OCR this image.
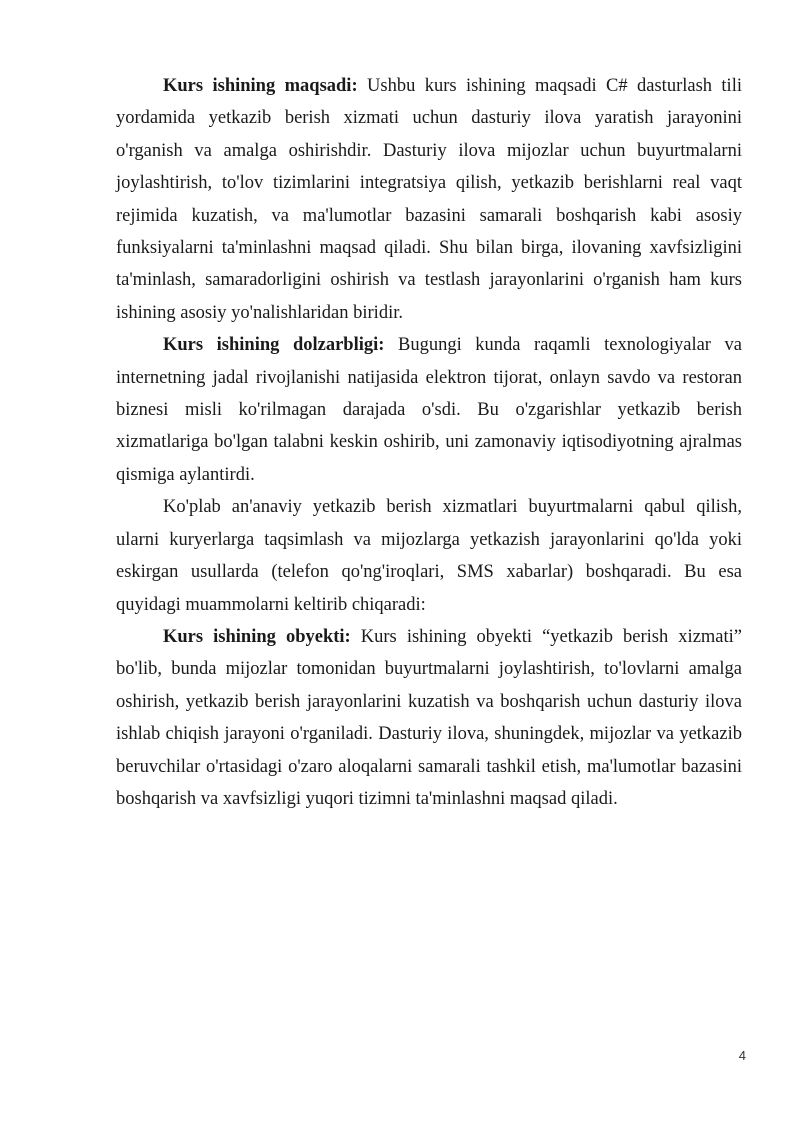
Kurs ishining maqsadi: Ushbu kurs ishining maqsadi C# dasturlash tili yordamida yetkazib berish xizmati uchun dasturiy ilova yaratish jarayonini o'rganish va amalga oshirishdir. Dasturiy ilova mijozlar uchun buyurtmalarni joylashtirish, to'lov tizimlarini integratsiya qilish, yetkazib berishlarni real vaqt rejimida kuzatish, va ma'lumotlar bazasini samarali boshqarish kabi asosiy funksiyalarni ta'minlashni maqsad qiladi. Shu bilan birga, ilovaning xavfsizligini ta'minlash, samaradorligini oshirish va testlash jarayonlarini o'rganish ham kurs ishining asosiy yo'nalishlaridan biridir.

Kurs ishining dolzarbligi: Bugungi kunda raqamli texnologiyalar va internetning jadal rivojlanishi natijasida elektron tijorat, onlayn savdo va restoran biznesi misli ko'rilmagan darajada o'sdi. Bu o'zgarishlar yetkazib berish xizmatlariga bo'lgan talabni keskin oshirib, uni zamonaviy iqtisodiyotning ajralmas qismiga aylantirdi.

Ko'plab an'anaviy yetkazib berish xizmatlari buyurtmalarni qabul qilish, ularni kuryerlarga taqsimlash va mijozlarga yetkazish jarayonlarini qo'lda yoki eskirgan usullarda (telefon qo'ng'iroqlari, SMS xabarlar) boshqaradi. Bu esa quyidagi muammolarni keltirib chiqaradi:

Kurs ishining obyekti: Kurs ishining obyekti “yetkazib berish xizmati” bo'lib, bunda mijozlar tomonidan buyurtmalarni joylashtirish, to'lovlarni amalga oshirish, yetkazib berish jarayonlarini kuzatish va boshqarish uchun dasturiy ilova ishlab chiqish jarayoni o'rganiladi. Dasturiy ilova, shuningdek, mijozlar va yetkazib beruvchilar o'rtasidagi o'zaro aloqalarni samarali tashkil etish, ma'lumotlar bazasini boshqarish va xavfsizligi yuqori tizimni ta'minlashni maqsad qiladi.

4
